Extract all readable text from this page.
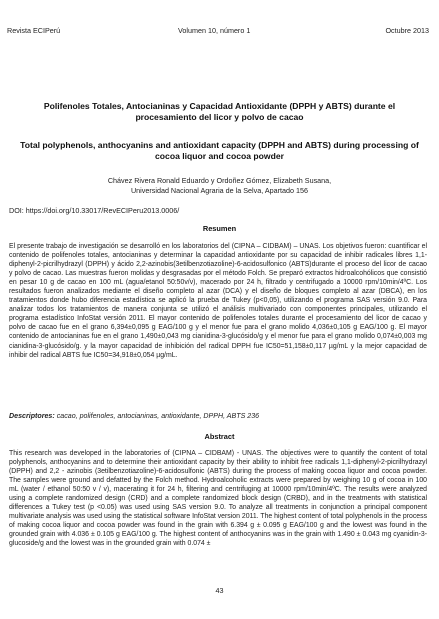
Revista ECIPerú	Volumen 10, número 1	Octubre 2013
Polifenoles Totales, Antocianinas y Capacidad Antioxidante (DPPH y ABTS) durante el procesamiento del licor y polvo de cacao
Total polyphenols, anthocyanins and antioxidant capacity (DPPH and ABTS) during processing of cocoa liquor and cocoa powder
Chávez Rivera Ronald Eduardo y Ordoñez Gómez, Elizabeth Susana,
Universidad Nacional Agraria de la Selva, Apartado 156
DOI: https://doi.org/10.33017/RevECIPeru2013.0006/
Resumen

El presente trabajo de investigación se desarrolló en los laboratorios del (CIPNA – CIDBAM) – UNAS. Los objetivos fueron: cuantificar el contenido de polifenoles totales, antocianinas y determinar la capacidad antioxidante por su capacidad de inhibir radicales libres 1,1-diphenyl-2-picrilhydrazyl (DPPH) y ácido 2,2-azinobis(3etilbenzotiazoline)-6-acidosulfonico (ABTS)durante el proceso del licor de cacao y polvo de cacao. Las muestras fueron molidas y desgrasadas por el método Folch. Se preparó extractos hidroalcohólicos que consistió en pesar 10 g de cacao en 100 mL (agua/etanol 50:50v/v), macerado por 24 h, filtrado y centrifugado a 10000 rpm/10min/4ºC. Los resultados fueron analizados mediante el diseño completo al azar (DCA) y el diseño de bloques completo al azar (DBCA), en los tratamientos donde hubo diferencia estadística se aplicó la prueba de Tukey (p<0,05), utilizando el programa SAS versión 9.0. Para analizar todos los tratamientos de manera conjunta se utilizó el análisis multivariado con componentes principales, utilizando el programa estadístico InfoStat versión 2011. El mayor contenido de polifenoles totales durante el procesamiento del licor de cacao y polvo de cacao fue en el grano 6,394±0,095 g EAG/100 g y el menor fue para el grano molido 4,036±0,105 g EAG/100 g. El mayor contenido de antocianinas fue en el grano 1,490±0,043 mg cianidina-3-glucósido/g y el menor fue para el grano molido 0,074±0,003 mg cianidina-3-glucósido/g. y la mayor capacidad de inhibición del radical DPPH fue IC50=51,158±0,117 µg/mL y la mejor capacidad de inhibir del radical ABTS fue IC50=34,918±0,054 µg/mL.

Descriptores: cacao, polifenoles, antocianinas, antioxidante, DPPH, ABTS 236
Abstract

This research was developed in the laboratories of (CIPNA – CIDBAM) - UNAS. The objectives were to quantify the content of total polyphenols, anthocyanins and to determine their antioxidant capacity by their ability to inhibit free radicals 1,1-diphenyl-2-picrilhydrazyl (DPPH) and 2,2 - azinobis (3etilbenzotiazoline)-6-acidosulfonic (ABTS) during the process of making cocoa liquor and cocoa powder. The samples were ground and defatted by the Folch method. Hydroalcoholic extracts were prepared by weighing 10 g of cocoa in 100 mL (water / ethanol 50:50 v / v), macerating it for 24 h, filtering and centrifuging at 10000 rpm/10min/4ºC. The results were analyzed using a complete randomized design (CRD) and a complete randomized block design (CRBD), and in the treatments with statistical differences a Tukey test (p <0.05) was used using SAS version 9.0. To analyze all treatments in conjunction a principal component multivariate analysis was used using the statistical software InfoStat version 2011. The highest content of total polyphenols in the process of making cocoa liquor and cocoa powder was found in the grain with 6.394 g ± 0.095 g EAG/100 g and the lowest was found in the grounded grain with 4.036 ± 0.105 g EAG/100 g. The highest content of anthocyanins was in the grain with 1.490 ± 0.043 mg cyanidin-3-glucoside/g and the lowest was in the grounded grain with 0.074 ±

43
